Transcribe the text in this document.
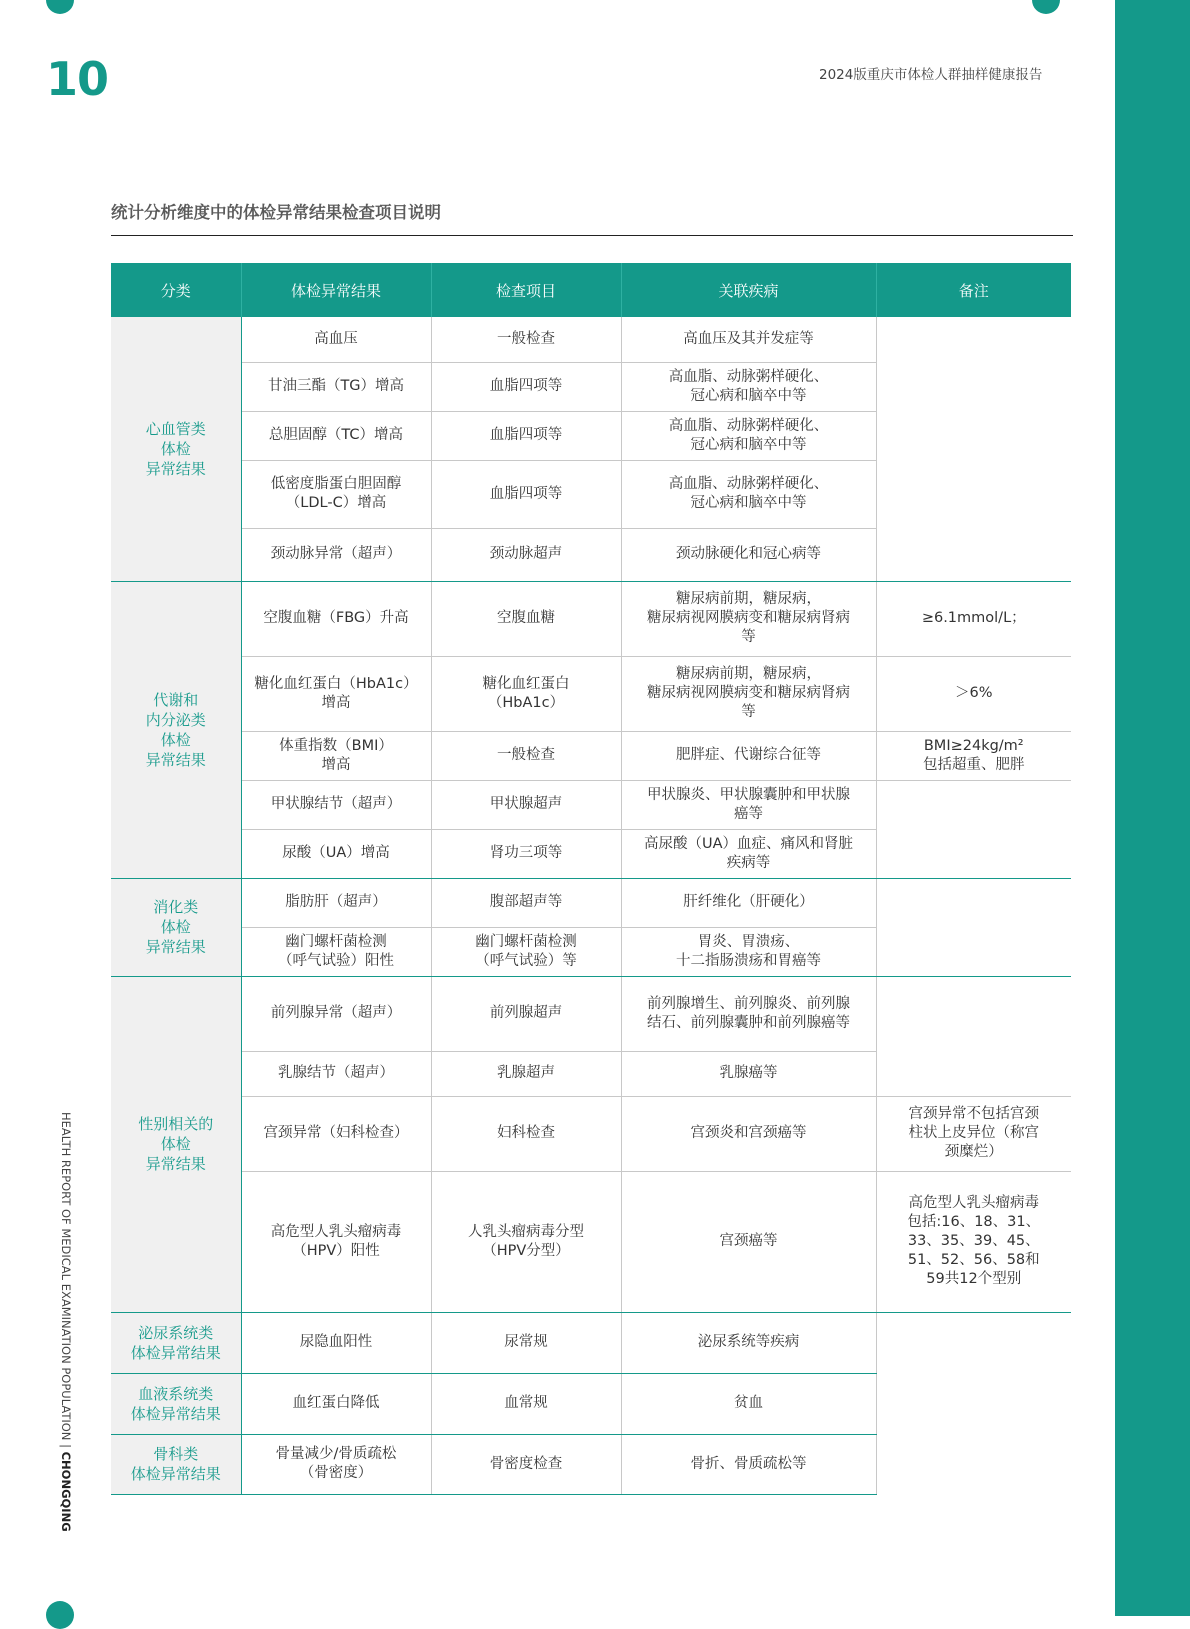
10	2024版重庆市体检人群抽样健康报告
统计分析维度中的体检异常结果检查项目说明
HEALTH REPORT OF MEDICAL EXAMINATION POPULATION | CHONGQING
分类	体检异常结果	检查项目	关联疾病	备注

心血管类
体检
异常结果	高血压	一般检查	高血压及其并发症等	

	甘油三酯（TG）增高	血脂四项等	高血脂、动脉粥样硬化、
冠心病和脑卒中等	

	总胆固醇（TC）增高	血脂四项等	高血脂、动脉粥样硬化、
冠心病和脑卒中等	

	低密度脂蛋白胆固醇
（LDL-C）增高	血脂四项等	高血脂、动脉粥样硬化、
冠心病和脑卒中等	

	颈动脉异常（超声）	颈动脉超声	颈动脉硬化和冠心病等	

代谢和
内分泌类
体检
异常结果	空腹血糖（FBG）升高	空腹血糖	糖尿病前期，糖尿病，
糖尿病视网膜病变和糖尿病肾病
等	≥6.1mmol/L；

	糖化血红蛋白（HbA1c）
增高	糖化血红蛋白
（HbA1c）	糖尿病前期，糖尿病，
糖尿病视网膜病变和糖尿病肾病
等	＞6%

	体重指数（BMI）
增高	一般检查	肥胖症、代谢综合征等	BMI≥24kg/m²
包括超重、肥胖

	甲状腺结节（超声）	甲状腺超声	甲状腺炎、甲状腺囊肿和甲状腺
癌等	

	尿酸（UA）增高	肾功三项等	高尿酸（UA）血症、痛风和肾脏
疾病等	

消化类
体检
异常结果	脂肪肝（超声）	腹部超声等	肝纤维化（肝硬化）	

	幽门螺杆菌检测
（呼气试验）阳性	幽门螺杆菌检测
（呼气试验）等	胃炎、胃溃疡、
十二指肠溃疡和胃癌等	

性别相关的
体检
异常结果	前列腺异常（超声）	前列腺超声	前列腺增生、前列腺炎、前列腺
结石、前列腺囊肿和前列腺癌等	

	乳腺结节（超声）	乳腺超声	乳腺癌等	

	宫颈异常（妇科检查）	妇科检查	宫颈炎和宫颈癌等	宫颈异常不包括宫颈
柱状上皮异位（称宫
颈糜烂）

	高危型人乳头瘤病毒
（HPV）阳性	人乳头瘤病毒分型
（HPV分型）	宫颈癌等	高危型人乳头瘤病毒
包括:16、18、31、
33、35、39、45、
51、52、56、58和
59共12个型别

泌尿系统类
体检异常结果	尿隐血阳性	尿常规	泌尿系统等疾病	

血液系统类
体检异常结果	血红蛋白降低	血常规	贫血	

骨科类
体检异常结果	骨量减少/骨质疏松
（骨密度）	骨密度检查	骨折、骨质疏松等	
